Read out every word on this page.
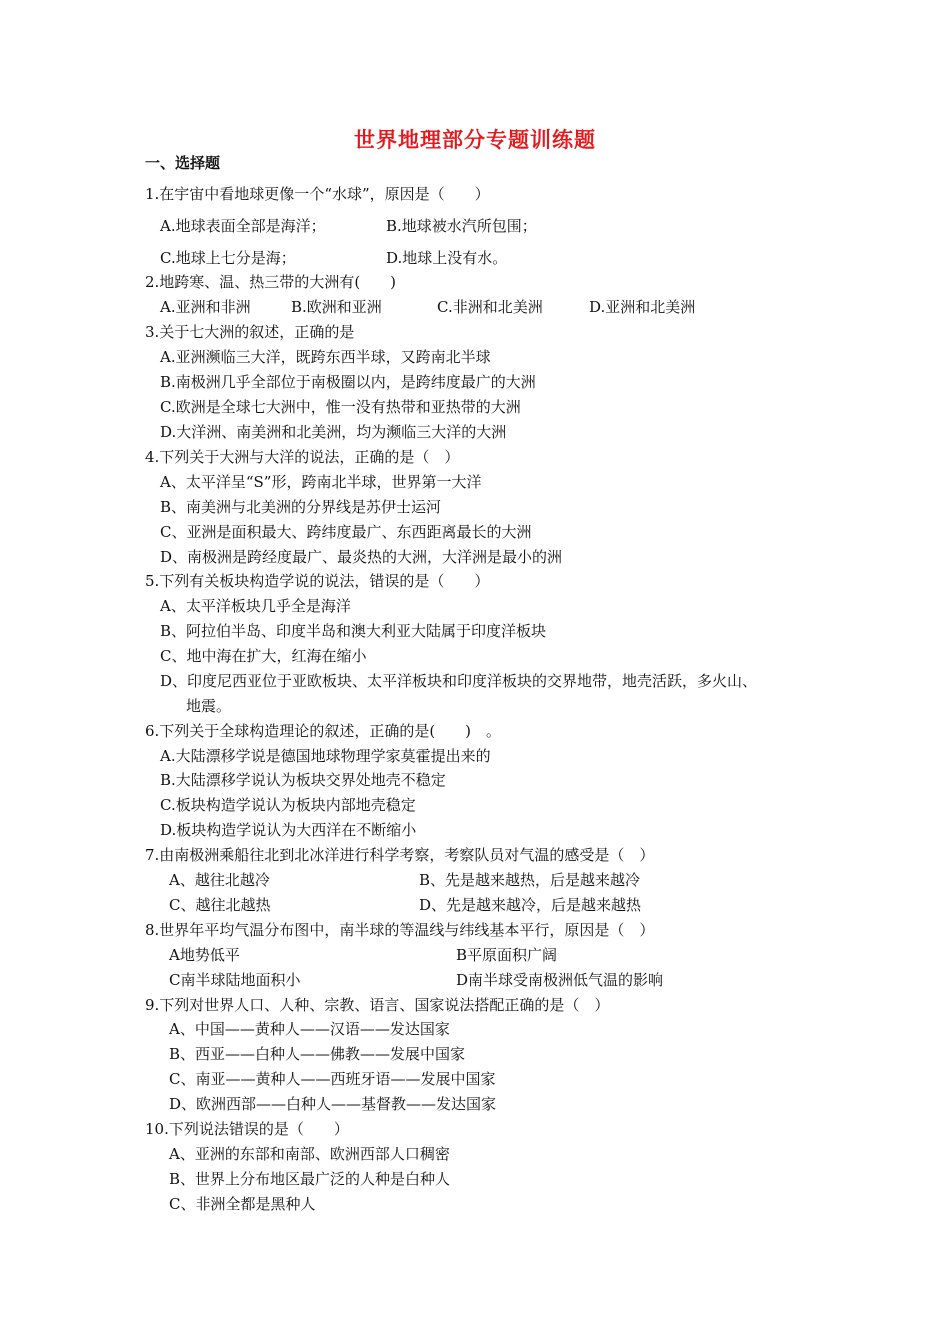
世界地理部分专题训练题
一、选择题
1.在宇宙中看地球更像一个“水球”，原因是（　　）
A.地球表面全部是海洋；	B.地球被水汽所包围；
C.地球上七分是海；	D.地球上没有水。
2.地跨寒、温、热三带的大洲有(　　)
A.亚洲和非洲	B.欧洲和亚洲	C.非洲和北美洲	D.亚洲和北美洲
3.关于七大洲的叙述，正确的是
A.亚洲濒临三大洋，既跨东西半球，又跨南北半球
B.南极洲几乎全部位于南极圈以内，是跨纬度最广的大洲
C.欧洲是全球七大洲中，惟一没有热带和亚热带的大洲
D.大洋洲、南美洲和北美洲，均为濒临三大洋的大洲
4.下列关于大洲与大洋的说法，正确的是（　）
A、太平洋呈“S”形，跨南北半球，世界第一大洋
B、南美洲与北美洲的分界线是苏伊士运河
C、亚洲是面积最大、跨纬度最广、东西距离最长的大洲
D、南极洲是跨经度最广、最炎热的大洲，大洋洲是最小的洲
5.下列有关板块构造学说的说法，错误的是（　　）
A、太平洋板块几乎全是海洋
B、阿拉伯半岛、印度半岛和澳大利亚大陆属于印度洋板块
C、地中海在扩大，红海在缩小
D、印度尼西亚位于亚欧板块、太平洋板块和印度洋板块的交界地带，地壳活跃，多火山、
地震。
6.下列关于全球构造理论的叙述，正确的是(　　)　。
A.大陆漂移学说是德国地球物理学家莫霍提出来的
B.大陆漂移学说认为板块交界处地壳不稳定
C.板块构造学说认为板块内部地壳稳定
D.板块构造学说认为大西洋在不断缩小
7.由南极洲乘船往北到北冰洋进行科学考察，考察队员对气温的感受是（　）
A、越往北越冷	B、先是越来越热，后是越来越冷
C、越往北越热	D、先是越来越冷，后是越来越热
8.世界年平均气温分布图中，南半球的等温线与纬线基本平行，原因是（　）
A地势低平	B平原面积广阔
C南半球陆地面积小	D南半球受南极洲低气温的影响
9.下列对世界人口、人种、宗教、语言、国家说法搭配正确的是（　）
A、中国——黄种人——汉语——发达国家
B、西亚——白种人——佛教——发展中国家
C、南亚——黄种人——西班牙语——发展中国家
D、欧洲西部——白种人——基督教——发达国家
10.下列说法错误的是（　　）
A、亚洲的东部和南部、欧洲西部人口稠密
B、世界上分布地区最广泛的人种是白种人
C、非洲全都是黑种人
